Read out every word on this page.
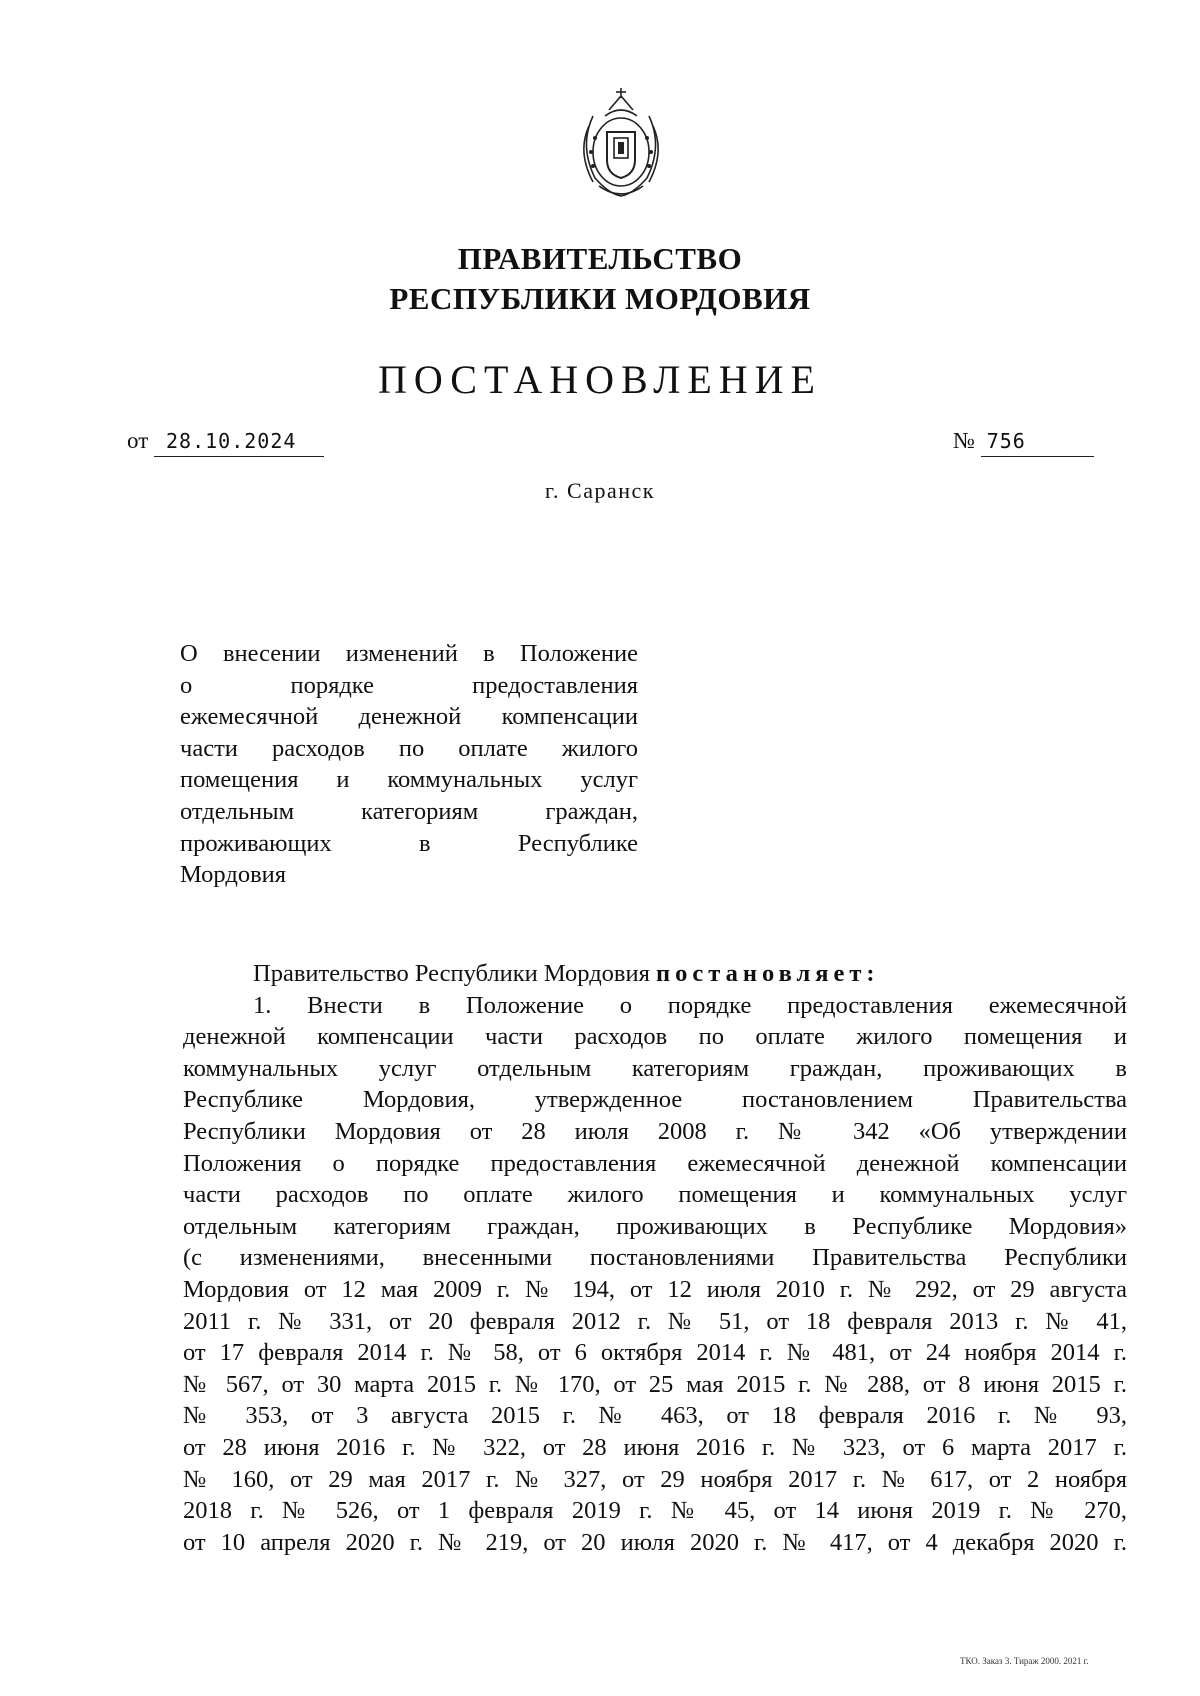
ПРАВИТЕЛЬСТВО
РЕСПУБЛИКИ МОРДОВИЯ
ПОСТАНОВЛЕНИЕ
от 28.10.2024	№ 756
г. Саранск
О внесении изменений в Положение
о порядке предоставления
ежемесячной денежной компенсации
части расходов по оплате жилого
помещения и коммунальных услуг
отдельным категориям граждан,
проживающих в Республике
Мордовия
Правительство Республики Мордовия постановляет:
1. Внести в Положение о порядке предоставления ежемесячной
денежной компенсации части расходов по оплате жилого помещения и
коммунальных услуг отдельным категориям граждан, проживающих в
Республике Мордовия, утвержденное постановлением Правительства
Республики Мордовия от 28 июля 2008 г. № 342 «Об утверждении
Положения о порядке предоставления ежемесячной денежной компенсации
части расходов по оплате жилого помещения и коммунальных услуг
отдельным категориям граждан, проживающих в Республике Мордовия»
(с изменениями, внесенными постановлениями Правительства Республики
Мордовия от 12 мая 2009 г. № 194, от 12 июля 2010 г. № 292, от 29 августа
2011 г. № 331, от 20 февраля 2012 г. № 51, от 18 февраля 2013 г. № 41,
от 17 февраля 2014 г. № 58, от 6 октября 2014 г. № 481, от 24 ноября 2014 г.
№ 567, от 30 марта 2015 г. № 170, от 25 мая 2015 г. № 288, от 8 июня 2015 г.
№ 353, от 3 августа 2015 г. № 463, от 18 февраля 2016 г. № 93,
от 28 июня 2016 г. № 322, от 28 июня 2016 г. № 323, от 6 марта 2017 г.
№ 160, от 29 мая 2017 г. № 327, от 29 ноября 2017 г. № 617, от 2 ноября
2018 г. № 526, от 1 февраля 2019 г. № 45, от 14 июня 2019 г. № 270,
от 10 апреля 2020 г. № 219, от 20 июля 2020 г. № 417, от 4 декабря 2020 г.
ТКО. Заказ 3. Тираж 2000. 2021 г.
